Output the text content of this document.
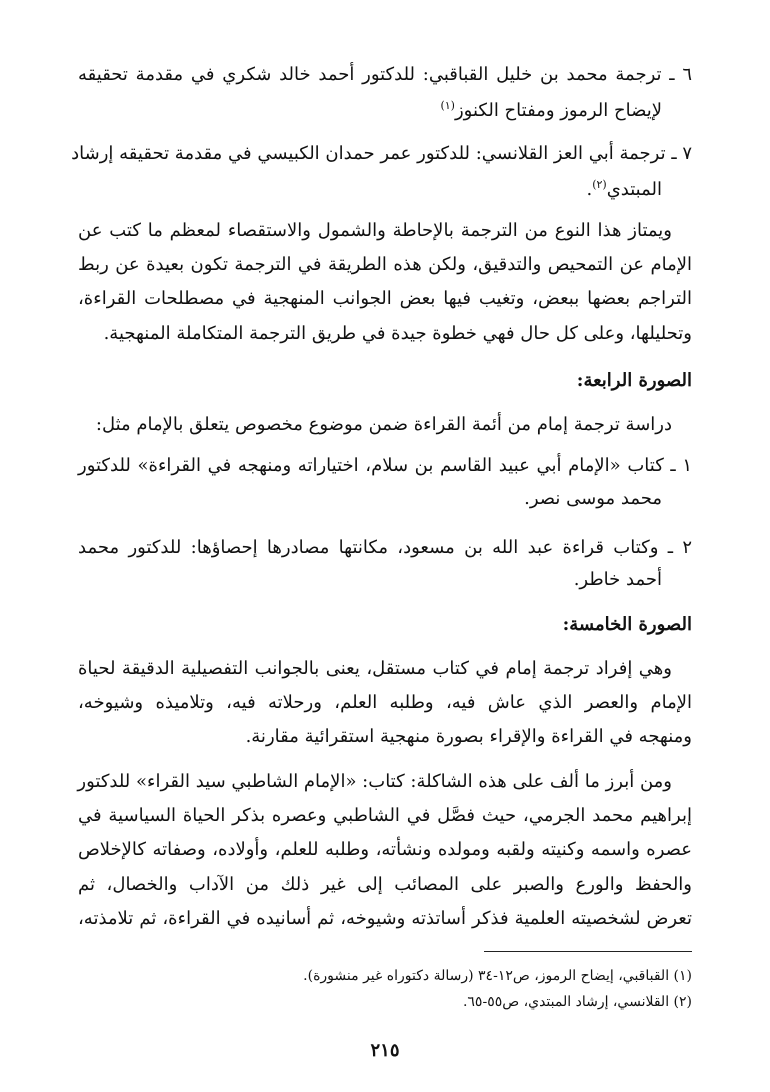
٦ ـ ترجمة محمد بن خليل القباقبي: للدكتور أحمد خالد شكري في مقدمة تحقيقه
لإيضاح الرموز ومفتاح الكنوز$^{(١)}$
٧ ـ ترجمة أبي العز القلانسي: للدكتور عمر حمدان الكبيسي في مقدمة تحقيقه إرشاد
المبتدي$^{(٢)}$.
ويمتاز هذا النوع من الترجمة بالإحاطة والشمول والاستقصاء لمعظم ما كتب عن
الإمام عن التمحيص والتدقيق، ولكن هذه الطريقة في الترجمة تكون بعيدة عن ربط
التراجم بعضها ببعض، وتغيب فيها بعض الجوانب المنهجية في مصطلحات القراءة،
وتحليلها، وعلى كل حال فهي خطوة جيدة في طريق الترجمة المتكاملة المنهجية.
الصورة الرابعة:
دراسة ترجمة إمام من أئمة القراءة ضمن موضوع مخصوص يتعلق بالإمام مثل:
١ ـ كتاب «الإمام أبي عبيد القاسم بن سلام، اختياراته ومنهجه في القراءة» للدكتور
محمد موسى نصر.
٢ ـ وكتاب قراءة عبد الله بن مسعود، مكانتها مصادرها إحصاؤها: للدكتور محمد
أحمد خاطر.
الصورة الخامسة:
وهي إفراد ترجمة إمام في كتاب مستقل، يعنى بالجوانب التفصيلية الدقيقة لحياة
الإمام والعصر الذي عاش فيه، وطلبه العلم، ورحلاته فيه، وتلاميذه وشيوخه،
ومنهجه في القراءة والإقراء بصورة منهجية استقرائية مقارنة.
ومن أبرز ما ألف على هذه الشاكلة: كتاب: «الإمام الشاطبي سيد القراء» للدكتور
إبراهيم محمد الجرمي، حيث فصَّل في الشاطبي وعصره بذكر الحياة السياسية في
عصره واسمه وكنيته ولقبه ومولده ونشأته، وطلبه للعلم، وأولاده، وصفاته كالإخلاص
والحفظ والورع والصبر على المصائب إلى غير ذلك من الآداب والخصال، ثم
تعرض لشخصيته العلمية فذكر أساتذته وشيوخه، ثم أسانيده في القراءة، ثم تلامذته،
(١) القباقبي، إيضاح الرموز، ص١٢-٣٤ (رسالة دكتوراه غير منشورة).
(٢) القلانسي، إرشاد المبتدي، ص٥٥-٦٥.
٢١٥
